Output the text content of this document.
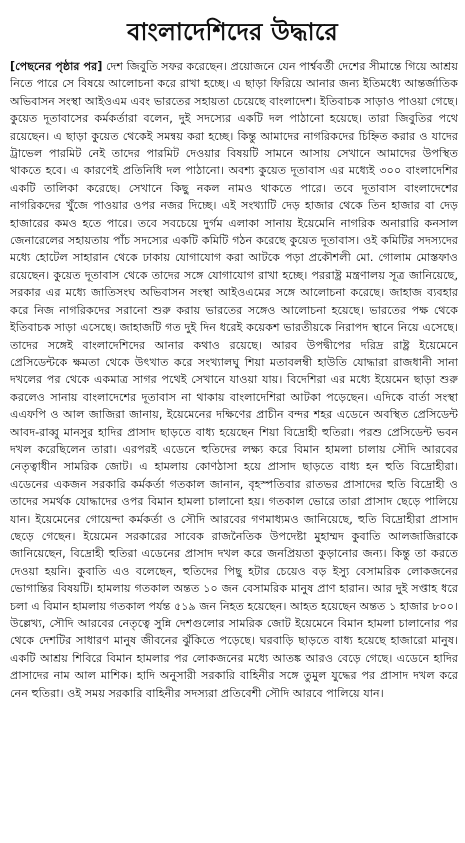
বাংলাদেশিদের উদ্ধারে

[পেছনের পৃষ্ঠার পর] দেশ জিবুতি সফর করেছেন। প্রয়োজনে যেন পার্শ্ববর্তী দেশের সীমান্তে গিয়ে আশ্রয় নিতে পারে সে বিষয়ে আলোচনা করে রাখা হচ্ছে। এ ছাড়া ফিরিয়ে আনার জন্য ইতিমধ্যে আন্তর্জাতিক অভিবাসন সংস্থা আইওএম এবং ভারতের সহায়তা চেয়েছে বাংলাদেশ। ইতিবাচক সাড়াও পাওয়া গেছে। কুয়েত দূতাবাসের কর্মকর্তারা বলেন, দুই সদস্যের একটি দল পাঠানো হয়েছে। তারা জিবুতির পথে রয়েছেন। এ ছাড়া কুয়েত থেকেই সমন্বয় করা হচ্ছে। কিন্তু আমাদের নাগরিকদের চিহ্নিত করার ও যাদের ট্রাভেল পারমিট নেই তাদের পারমিট দেওয়ার বিষয়টি সামনে আসায় সেখানে আমাদের উপস্থিত থাকতে হবে। এ কারণেই প্রতিনিধি দল পাঠানো। অবশ্য কুয়েত দূতাবাস এর মধ্যেই ৩০০ বাংলাদেশির একটি তালিকা করেছে। সেখানে কিছু নকল নামও থাকতে পারে। তবে দূতাবাস বাংলাদেশের নাগরিকদের খুঁজে পাওয়ার ওপর নজর দিচ্ছে। এই সংখ্যাটি দেড় হাজার থেকে তিন হাজার বা দেড় হাজারের কমও হতে পারে। তবে সবচেয়ে দুর্গম এলাকা সানায় ইয়েমেনি নাগরিক অনারারি কনসাল জেনারেলের সহায়তায় পাঁচ সদস্যের একটি কমিটি গঠন করেছে কুয়েত দূতাবাস। ওই কমিটির সদস্যদের মধ্যে হোটেল সাহারান থেকে ঢাকায় যোগাযোগ করা আটকে পড়া প্রকৌশলী মো. গোলাম মোস্তফাও রয়েছেন। কুয়েত দূতাবাস থেকে তাদের সঙ্গে যোগাযোগ রাখা হচ্ছে। পররাষ্ট্র মন্ত্রণালয় সূত্র জানিয়েছে, সরকার এর মধ্যে জাতিসংঘ অভিবাসন সংস্থা আইওএমের সঙ্গে আলোচনা করেছে। জাহাজ ব্যবহার করে নিজ নাগরিকদের সরানো শুরু করায় ভারতের সঙ্গেও আলোচনা হয়েছে। ভারতের পক্ষ থেকে ইতিবাচক সাড়া এসেছে। জাহাজটি গত দুই দিন ধরেই কয়েকশ ভারতীয়কে নিরাপদ স্থানে নিয়ে এসেছে। তাদের সঙ্গেই বাংলাদেশিদের আনার কথাও রয়েছে। আরব উপদ্বীপের দরিদ্র রাষ্ট্র ইয়েমেনে প্রেসিডেন্টকে ক্ষমতা থেকে উৎখাত করে সংখ্যালঘু শিয়া মতাবলম্বী হাউতি যোদ্ধারা রাজধানী সানা দখলের পর থেকে একমাত্র সাগর পথেই সেখানে যাওয়া যায়। বিদেশিরা এর মধ্যে ইয়েমেন ছাড়া শুরু করলেও সানায় বাংলাদেশের দূতাবাস না থাকায় বাংলাদেশিরা আটকা পড়েছেন। এদিকে বার্তা সংস্থা এএফপি ও আল জাজিরা জানায়, ইয়েমেনের দক্ষিণের প্রাচীন বন্দর শহর এডেনে অবস্থিত প্রেসিডেন্ট আবদ-রাব্বু মানসুর হাদির প্রাসাদ ছাড়তে বাধ্য হয়েছেন শিয়া বিদ্রোহী হুতিরা। পরশু প্রেসিডেন্ট ভবন দখল করেছিলেন তারা। এরপরই এডেনে হুতিদের লক্ষ্য করে বিমান হামলা চালায় সৌদি আরবের নেতৃত্বাধীন সামরিক জোট। এ হামলায় কোণঠাসা হয়ে প্রাসাদ ছাড়তে বাধ্য হন হুতি বিদ্রোহীরা। এডেনের একজন সরকারি কর্মকর্তা গতকাল জানান, বৃহস্পতিবার রাতভর প্রাসাদের হুতি বিদ্রোহী ও তাদের সমর্থক যোদ্ধাদের ওপর বিমান হামলা চালানো হয়। গতকাল ভোরে তারা প্রাসাদ ছেড়ে পালিয়ে যান। ইয়েমেনের গোয়েন্দা কর্মকর্তা ও সৌদি আরবের গণমাধ্যমও জানিয়েছে, হুতি বিদ্রোহীরা প্রাসাদ ছেড়ে গেছেন। ইয়েমেন সরকারের সাবেক রাজনৈতিক উপদেষ্টা মুহাম্মদ কুবাতি আলজাজিরাকে জানিয়েছেন, বিদ্রোহী হুতিরা এডেনের প্রাসাদ দখল করে জনপ্রিয়তা কুড়ানোর জন্য। কিন্তু তা করতে দেওয়া হয়নি। কুবাতি এও বলেছেন, হুতিদের পিছু হটার চেয়েও বড় ইস্যু বেসামরিক লোকজনের ভোগান্তির বিষয়টি। হামলায় গতকাল অন্তত ১০ জন বেসামরিক মানুষ প্রাণ হারান। আর দুই সপ্তাহ ধরে চলা এ বিমান হামলায় গতকাল পর্যন্ত ৫১৯ জন নিহত হয়েছেন। আহত হয়েছেন অন্তত ১ হাজার ৮০০। উল্লেখ্য, সৌদি আরবের নেতৃত্বে সুন্নি দেশগুলোর সামরিক জোট ইয়েমেনে বিমান হামলা চালানোর পর থেকে দেশটির সাধারণ মানুষ জীবনের ঝুঁকিতে পড়েছে। ঘরবাড়ি ছাড়তে বাধ্য হয়েছে হাজারো মানুষ। একটি আশ্রয় শিবিরে বিমান হামলার পর লোকজনের মধ্যে আতঙ্ক আরও বেড়ে গেছে। এডেনে হাদির প্রাসাদের নাম আল মাশিক। হাদি অনুসারী সরকারি বাহিনীর সঙ্গে তুমুল যুদ্ধের পর প্রাসাদ দখল করে নেন হুতিরা। ওই সময় সরকারি বাহিনীর সদস্যরা প্রতিবেশী সৌদি আরবে পালিয়ে যান।
